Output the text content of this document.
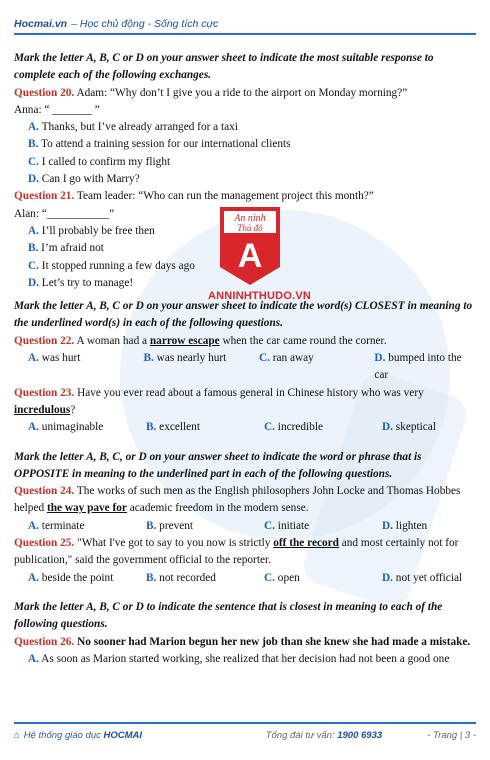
An ninh
Thủ đô
A
ANNINHTHUDO.VN
Hocmai.vn – Học chủ động - Sống tích cực
Mark the letter A, B, C or D on your answer sheet to indicate the most suitable response to complete each of the following exchanges.
Question 20. Adam: “Why don’t I give you a ride to the airport on Monday morning?”
Anna: “ _______ ”
A. Thanks, but I’ve already arranged for a taxi
B. To attend a training session for our international clients
C. I called to confirm my flight
D. Can I go with Marry?
Question 21. Team leader: “Who can run the management project this month?”
Alan: “___________”
A. I’ll probably be free then
B. I’m afraid not
C. It stopped running a few days ago
D. Let’s try to manage!
Mark the letter A, B, C or D on your answer sheet to indicate the word(s) CLOSEST in meaning to the underlined word(s) in each of the following questions.
Question 22. A woman had a narrow escape when the car came round the corner.
A. was hurt	B. was nearly hurt	C. ran away	D. bumped into the car
Question 23. Have you ever read about a famous general in Chinese history who was very
incredulous?
A. unimaginable	B. excellent	C. incredible	D. skeptical
Mark the letter A, B, C, or D on your answer sheet to indicate the word or phrase that is OPPOSITE in meaning to the underlined part in each of the following questions.
Question 24. The works of such men as the English philosophers John Locke and Thomas Hobbes helped the way pave for academic freedom in the modern sense.
A. terminate	B. prevent	C. initiate	D. lighten
Question 25. "What I've got to say to you now is strictly off the record and most certainly not for publication," said the government official to the reporter.
A. beside the point	B. not recorded	C. open	D. not yet official
Mark the letter A, B, C or D to indicate the sentence that is closest in meaning to each of the following questions.
Question 26. No sooner had Marion begun her new job than she knew she had made a mistake.
A. As soon as Marion started working, she realized that her decision had not been a good one
⌂ Hệ thống giáo dục HOCMAI	Tổng đài tư vấn: 1900 6933	- Trang | 3 -
